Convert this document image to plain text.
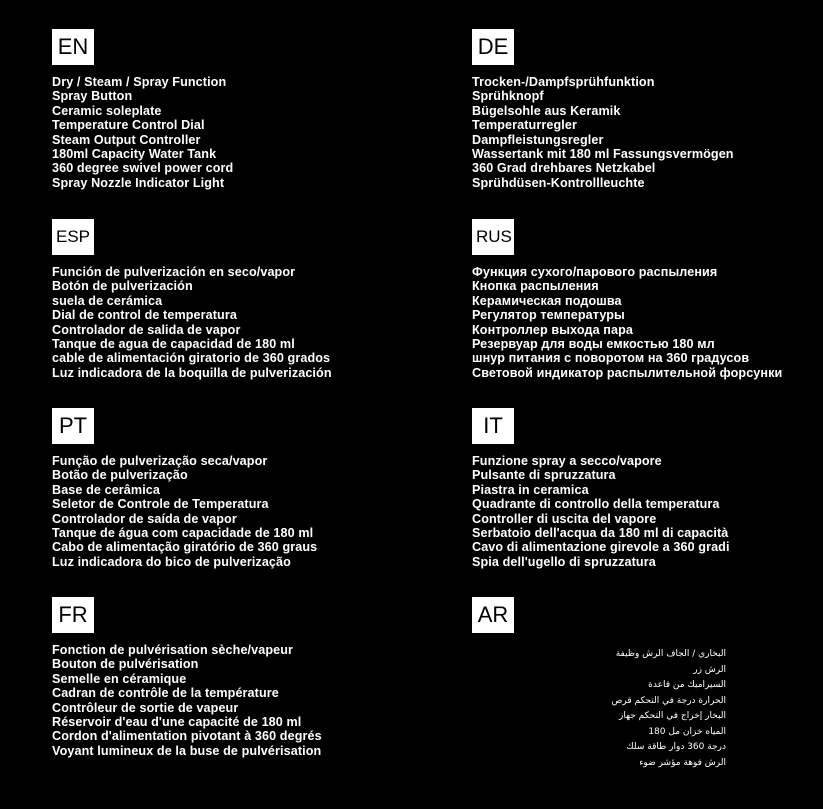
EN
Dry / Steam / Spray Function
Spray Button
Ceramic soleplate
Temperature Control Dial
Steam Output Controller
180ml Capacity Water Tank
360 degree swivel power cord
Spray Nozzle Indicator Light
DE
Trocken-/Dampfsprühfunktion
Sprühknopf
Bügelsohle aus Keramik
Temperaturregler
Dampfleistungsregler
Wassertank mit 180 ml Fassungsvermögen
360 Grad drehbares Netzkabel
Sprühdüsen-Kontrollleuchte
ESP
Función de pulverización en seco/vapor
Botón de pulverización
suela de cerámica
Dial de control de temperatura
Controlador de salida de vapor
Tanque de agua de capacidad de 180 ml
cable de alimentación giratorio de 360 grados
Luz indicadora de la boquilla de pulverización
RUS
Функция сухого/парового распыления
Кнопка распыления
Керамическая подошва
Регулятор температуры
Контроллер выхода пара
Резервуар для воды емкостью 180 мл
шнур питания с поворотом на 360 градусов
Световой индикатор распылительной форсунки
PT
Função de pulverização seca/vapor
Botão de pulverização
Base de cerâmica
Seletor de Controle de Temperatura
Controlador de saída de vapor
Tanque de água com capacidade de 180 ml
Cabo de alimentação giratório de 360 graus
Luz indicadora do bico de pulverização
IT
Funzione spray a secco/vapore
Pulsante di spruzzatura
Piastra in ceramica
Quadrante di controllo della temperatura
Controller di uscita del vapore
Serbatoio dell'acqua da 180 ml di capacità
Cavo di alimentazione girevole a 360 gradi
Spia dell'ugello di spruzzatura
FR
Fonction de pulvérisation sèche/vapeur
Bouton de pulvérisation
Semelle en céramique
Cadran de contrôle de la température
Contrôleur de sortie de vapeur
Réservoir d'eau d'une capacité de 180 ml
Cordon d'alimentation pivotant à 360 degrés
Voyant lumineux de la buse de pulvérisation
AR
البخاري / الجاف الرش وظيفة
الرش زر
السيراميك من قاعدة
الحرارة درجة في التحكم قرص
البخار إخراج في التحكم جهاز
المياه خزان مل 180
درجة 360 دوار طاقة سلك
الرش فوهة مؤشر ضوء
